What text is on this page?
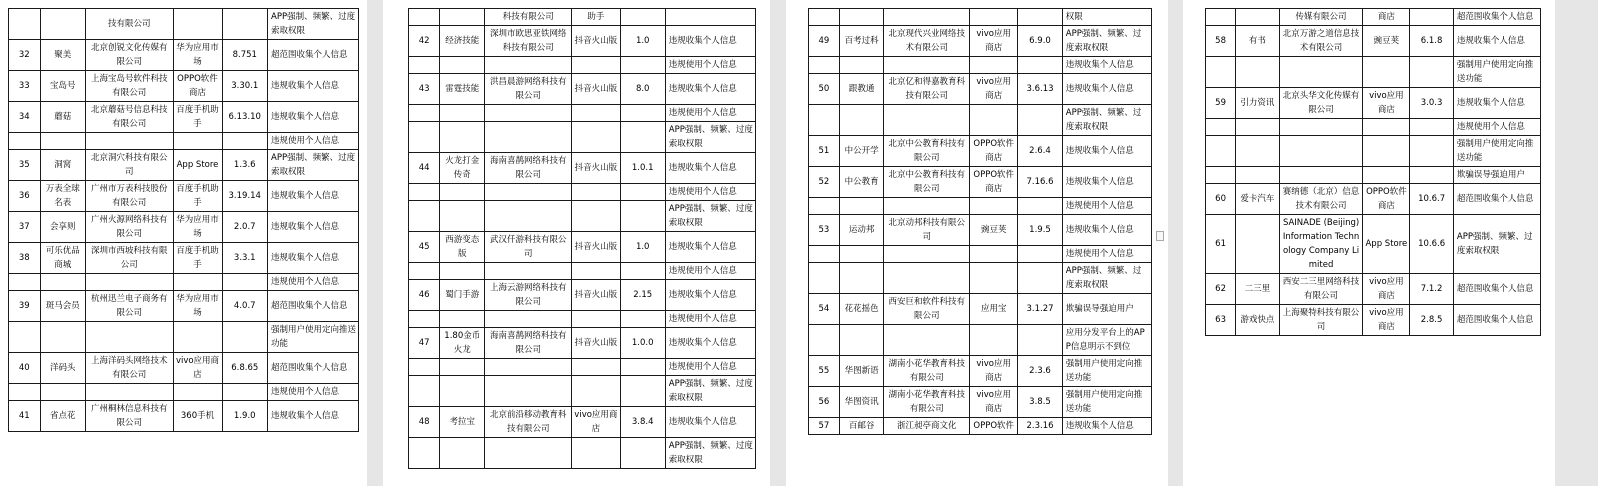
		技有限公司			APP强制、频繁、过度索取权限
32	聚美	北京创锐文化传媒有限公司	华为应用市场	8.751	超范围收集个人信息
33	宝岛号	上海宝岛号软件科技有限公司	OPPO软件商店	3.30.1	违规收集个人信息
34	蘑菇	北京蘑菇号信息科技有限公司	百度手机助手	6.13.10	违规收集个人信息
					违规使用个人信息
35	洞窝	北京洞穴科技有限公司	App Store	1.3.6	APP强制、频繁、过度索取权限
36	万表全球名表	广州市万表科技股份有限公司	百度手机助手	3.19.14	违规收集个人信息
37	会享则	广州火源网络科技有限公司	华为应用市场	2.0.7	违规收集个人信息
38	可乐优品商城	深圳市西坡科技有限公司	百度手机助手	3.3.1	违规收集个人信息
					违规使用个人信息
39	斑马会员	杭州迅兰电子商务有限公司	华为应用市场	4.0.7	超范围收集个人信息
					强制用户使用定向推送功能
40	洋码头	上海洋码头网络技术有限公司	vivo应用商店	6.8.65	超范围收集个人信息
					违规使用个人信息
41	省点花	广州桐林信息科技有限公司	360手机	1.9.0	违规收集个人信息
		科技有限公司	助手		
42	经济技能	深圳市欧思亚铁网络科技有限公司	抖音火山版	1.0	违规收集个人信息
					违规使用个人信息
43	雷霆技能	洪昌晨游网络科技有限公司	抖音火山版	8.0	违规收集个人信息
					违规使用个人信息
					APP强制、频繁、过度索取权限
44	火龙打金传奇	海南喜鹊网络科技有限公司	抖音火山版	1.0.1	违规收集个人信息
					违规使用个人信息
					APP强制、频繁、过度索取权限
45	西游变态版	武汉仟游科技有限公司	抖音火山版	1.0	违规收集个人信息
					违规使用个人信息
46	蜀门手游	上海云游网络科技有限公司	抖音火山版	2.15	违规收集个人信息
					违规使用个人信息
47	1.80金币火龙	海南喜鹊网络科技有限公司	抖音火山版	1.0.0	违规收集个人信息
					违规使用个人信息
					APP强制、频繁、过度索取权限
48	考拉宝	北京前沿移动教育科技有限公司	vivo应用商店	3.8.4	违规收集个人信息
					APP强制、频繁、过度索取权限
					权限
49	百考过科	北京现代兴业网络技术有限公司	vivo应用商店	6.9.0	APP强制、频繁、过度索取权限
					违规收集个人信息
50	跟教通	北京亿和得嘉教育科技有限公司	vivo应用商店	3.6.13	违规收集个人信息
					APP强制、频繁、过度索取权限
51	中公开学	北京中公教育科技有限公司	OPPO软件商店	2.6.4	违规收集个人信息
52	中公教育	北京中公教育科技有限公司	OPPO软件商店	7.16.6	违规收集个人信息
					违规使用个人信息
53	运动邦	北京动邦科技有限公司	豌豆荚	1.9.5	违规收集个人信息
					违规使用个人信息
					APP强制、频繁、过度索取权限
54	花花摇色	西安巨和软件科技有限公司	应用宝	3.1.27	欺骗误导强迫用户
					应用分发平台上的APP信息明示不到位
55	华图新语	湖南小花华教育科技有限公司	vivo应用商店	2.3.6	强制用户使用定向推送功能
56	华图资讯	湖南小花华教育科技有限公司	vivo应用商店	3.8.5	强制用户使用定向推送功能
57	百邮谷	浙江昶亭商文化	OPPO软件	2.3.16	违规收集个人信息
		传媒有限公司	商店		超范围收集个人信息
58	有书	北京万游之道信息技术有限公司	豌豆荚	6.1.8	违规收集个人信息
					强制用户使用定向推送功能
59	引力资讯	北京头华文化传媒有限公司	vivo应用商店	3.0.3	违规收集个人信息
					违规使用个人信息
					强制用户使用定向推送功能
					欺骗误导强迫用户
60	爱卡汽车	赛纳德（北京）信息技术有限公司	OPPO软件商店	10.6.7	超范围收集个人信息
61		SAINADE (Beijing) Information Technology Company Limited	App Store	10.6.6	APP强制、频繁、过度索取权限
62	二三里	西安二三里网络科技有限公司	vivo应用商店	7.1.2	超范围收集个人信息
63	游戏快点	上海聚特科技有限公司	vivo应用商店	2.8.5	超范围收集个人信息
